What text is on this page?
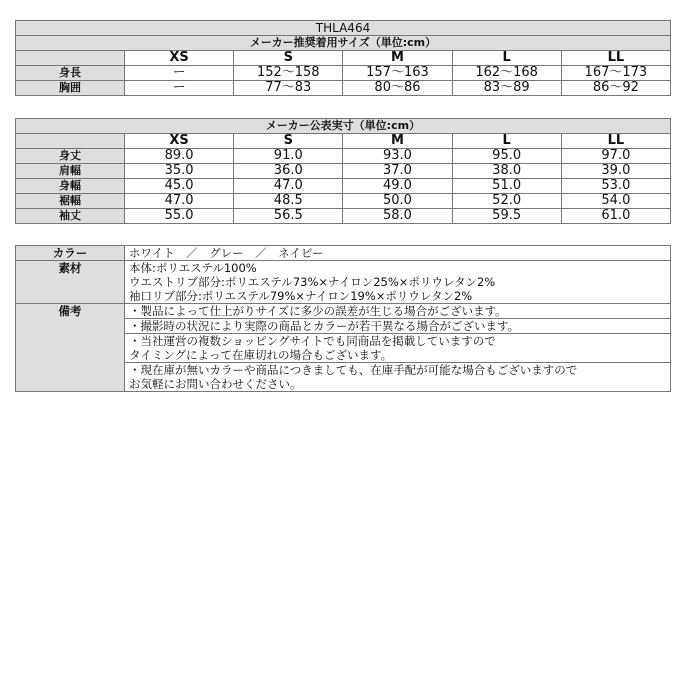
THLA464					
メーカー推奨着用サイズ（単位:cm）					
	XS	S	M	L	LL
身長	ー	152〜158	157〜163	162〜168	167〜173
胸囲	ー	77〜83	80〜86	83〜89	86〜92
メーカー公表実寸（単位:cm）					
	XS	S	M	L	LL
身丈	89.0	91.0	93.0	95.0	97.0
肩幅	35.0	36.0	37.0	38.0	39.0
身幅	45.0	47.0	49.0	51.0	53.0
裾幅	47.0	48.5	50.0	52.0	54.0
袖丈	55.0	56.5	58.0	59.5	61.0
カラー	ホワイト　／　グレー　／　ネイビー
素材	本体:ポリエステル100%
ウエストリブ部分:ポリエステル73%×ナイロン25%×ポリウレタン2%
袖口リブ部分:ポリエステル79%×ナイロン19%×ポリウレタン2%

備考	・製品によって仕上がりサイズに多少の誤差が生じる場合がございます。

	・撮影時の状況により実際の商品とカラーが若干異なる場合がございます。

	・当社運営の複数ショッピングサイトでも同商品を掲載していますので
タイミングによって在庫切れの場合もございます。

	・現在庫が無いカラーや商品につきましても、在庫手配が可能な場合もございますので
お気軽にお問い合わせください。
